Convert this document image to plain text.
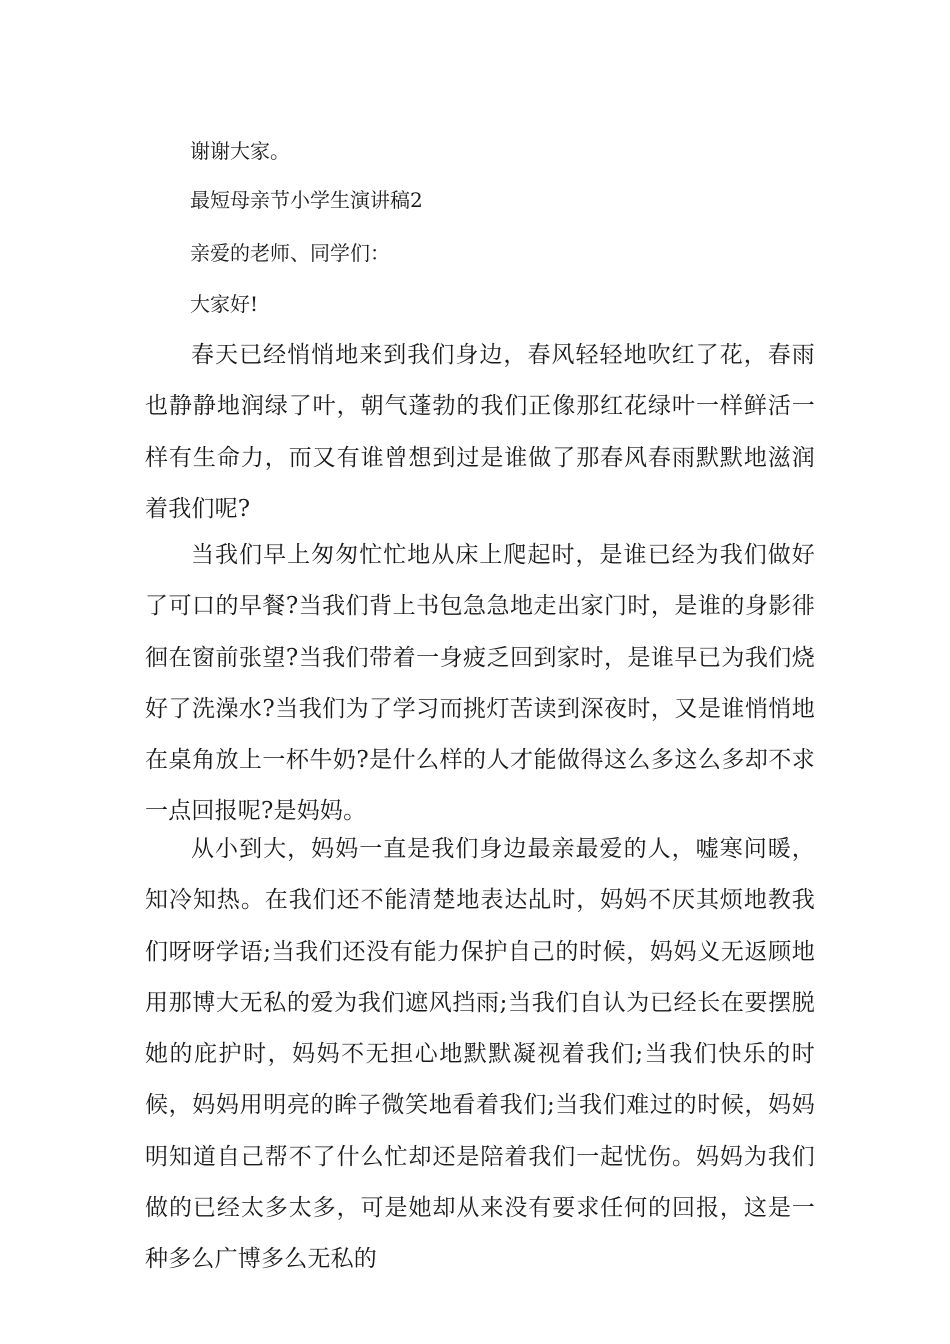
谢谢大家。

最短母亲节小学生演讲稿2

亲爱的老师、同学们：

大家好!

春天已经悄悄地来到我们身边，春风轻轻地吹红了花，春雨也静静地润绿了叶，朝气蓬勃的我们正像那红花绿叶一样鲜活一样有生命力，而又有谁曾想到过是谁做了那春风春雨默默地滋润着我们呢?

当我们早上匆匆忙忙地从床上爬起时，是谁已经为我们做好了可口的早餐?当我们背上书包急急地走出家门时，是谁的身影徘徊在窗前张望?当我们带着一身疲乏回到家时，是谁早已为我们烧好了洗澡水?当我们为了学习而挑灯苦读到深夜时，又是谁悄悄地在桌角放上一杯牛奶?是什么样的人才能做得这么多这么多却不求一点回报呢?是妈妈。

从小到大，妈妈一直是我们身边最亲最爱的人，嘘寒问暖，知冷知热。在我们还不能清楚地表达乩时，妈妈不厌其烦地教我们呀呀学语;当我们还没有能力保护自己的时候，妈妈义无返顾地用那博大无私的爱为我们遮风挡雨;当我们自认为已经长在要摆脱她的庇护时，妈妈不无担心地默默凝视着我们;当我们快乐的时候，妈妈用明亮的眸子微笑地看着我们;当我们难过的时候，妈妈明知道自己帮不了什么忙却还是陪着我们一起忧伤。妈妈为我们做的已经太多太多，可是她却从来没有要求任何的回报，这是一种多么广博多么无私的
